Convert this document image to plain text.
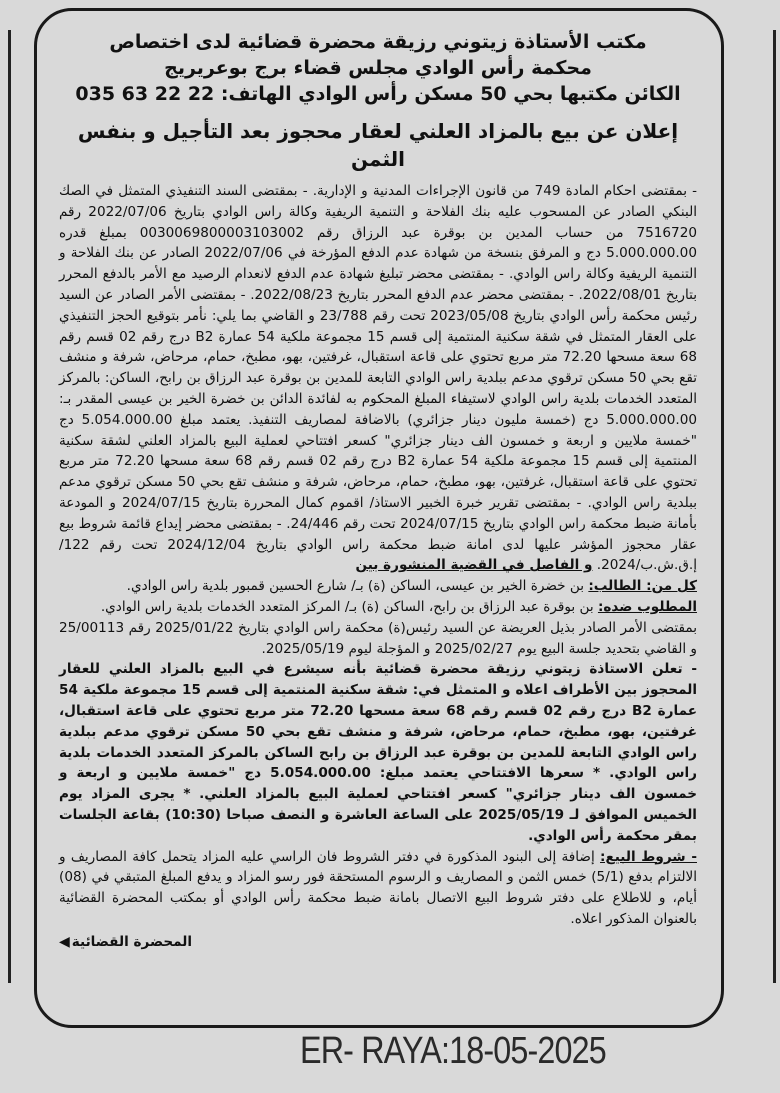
مكتب الأستاذة زيتوني رزيقة محضرة قضائية لدى اختصاص

محكمة رأس الوادي مجلس قضاء برج بوعريريج

الكائن مكتبها بحي 50 مسكن رأس الوادي الهاتف: 22 22 63 035

إعلان عن بيع بالمزاد العلني لعقار محجوز بعد التأجيل و بنفس الثمن

- بمقتضى احكام المادة 749 من قانون الإجراءات المدنية و الإدارية. - بمقتضى السند التنفيذي المتمثل في الصك البنكي الصادر عن المسحوب عليه بنك الفلاحة و التنمية الريفية وكالة راس الوادي بتاريخ 2022/07/06 رقم 7516720 من حساب المدين بن بوقرة عبد الرزاق رقم 0030069800003103002 بمبلغ قدره 5.000.000.00 دج و المرفق بنسخة من شهادة عدم الدفع المؤرخة في 2022/07/06 الصادر عن بنك الفلاحة و التنمية الريفية وكالة راس الوادي. - بمقتضى محضر تبليغ شهادة عدم الدفع لانعدام الرصيد مع الأمر بالدفع المحرر بتاريخ 2022/08/01. - بمقتضى محضر عدم الدفع المحرر بتاريخ 2022/08/23. - بمقتضى الأمر الصادر عن السيد رئيس محكمة رأس الوادي بتاريخ 2023/05/08 تحت رقم 23/788 و القاضي بما يلي: نأمر بتوقيع الحجز التنفيذي على العقار المتمثل في شقة سكنية المنتمية إلى قسم 15 مجموعة ملكية 54 عمارة B2 درج رقم 02 قسم رقم 68 سعة مسحها 72.20 متر مربع تحتوي على قاعة استقبال، غرفتين، بهو، مطبخ، حمام، مرحاض، شرفة و منشف تقع بحي 50 مسكن ترقوي مدعم ببلدية راس الوادي التابعة للمدين بن بوقرة عبد الرزاق بن رابح، الساكن: بالمركز المتعدد الخدمات بلدية راس الوادي لاستيفاء المبلغ المحكوم به لفائدة الدائن بن خضرة الخير بن عيسى المقدر بـ: 5.000.000.00 دج (خمسة مليون دينار جزائري) بالاضافة لمصاريف التنفيذ. يعتمد مبلغ 5.054.000.00 دج "خمسة ملايين و اربعة و خمسون الف دينار جزائري" كسعر افتتاحي لعملية البيع بالمزاد العلني لشقة سكنية المنتمية إلى قسم 15 مجموعة ملكية 54 عمارة B2 درج رقم 02 قسم رقم 68 سعة مسحها 72.20 متر مربع تحتوي على قاعة استقبال، غرفتين، بهو، مطبخ، حمام، مرحاض، شرفة و منشف تقع بحي 50 مسكن ترقوي مدعم ببلدية راس الوادي. - بمقتضى تقرير خبرة الخبير الاستاذ/ اقموم كمال المحررة بتاريخ 2024/07/15 و المودعة بأمانة ضبط محكمة راس الوادي بتاريخ 2024/07/15 تحت رقم 24/446. - بمقتضى محضر إيداع قائمة شروط بيع عقار محجوز المؤشر عليها لدى امانة ضبط محكمة راس الوادي بتاريخ 2024/12/04 تحت رقم 122/إ.ق.ش.ب/2024. و الفاصل في القضية المنشورة بين

كل من: الطالب: بن خضرة الخير بن عيسى، الساكن (ة) بـ/ شارع الحسين قمبور بلدية راس الوادي.

المطلوب ضده: بن بوقرة عبد الرزاق بن رابح، الساكن (ة) بـ/ المركز المتعدد الخدمات بلدية راس الوادي.

بمقتضى الأمر الصادر بذيل العريضة عن السيد رئيس(ة) محكمة راس الوادي بتاريخ 2025/01/22 رقم 25/00113 و القاضي بتحديد جلسة البيع يوم 2025/02/27 و المؤجلة ليوم 2025/05/19.

- تعلن الاستاذة زيتوني رزيقة محضرة قضائية بأنه سيشرع في البيع بالمزاد العلني للعقار المحجوز بين الأطراف اعلاه و المتمثل في: شقة سكنية المنتمية إلى قسم 15 مجموعة ملكية 54 عمارة B2 درج رقم 02 قسم رقم 68 سعة مسحها 72.20 متر مربع تحتوي على قاعة استقبال، غرفتين، بهو، مطبخ، حمام، مرحاض، شرفة و منشف تقع بحي 50 مسكن ترقوي مدعم ببلدية راس الوادي التابعة للمدين بن بوقرة عبد الرزاق بن رابح الساكن بالمركز المتعدد الخدمات بلدية راس الوادي. * سعرها الافتتاحي يعتمد مبلغ: 5.054.000.00 دج "خمسة ملايين و اربعة و خمسون الف دينار جزائري" كسعر افتتاحي لعملية البيع بالمزاد العلني. * يجرى المزاد يوم الخميس الموافق لـ 2025/05/19 على الساعة العاشرة و النصف صباحا (10:30) بقاعة الجلسات بمقر محكمة رأس الوادي.

- شروط البيع: إضافة إلى البنود المذكورة في دفتر الشروط فان الراسي عليه المزاد يتحمل كافة المصاريف و الالتزام بدفع (5/1) خمس الثمن و المصاريف و الرسوم المستحقة فور رسو المزاد و يدفع المبلغ المتبقي في (08) أيام، و للاطلاع على دفتر شروط البيع الاتصال بامانة ضبط محكمة رأس الوادي أو بمكتب المحضرة القضائية بالعنوان المذكور اعلاه.

المحضرة القضائية
◀
ER- RAYA:18-05-2025
